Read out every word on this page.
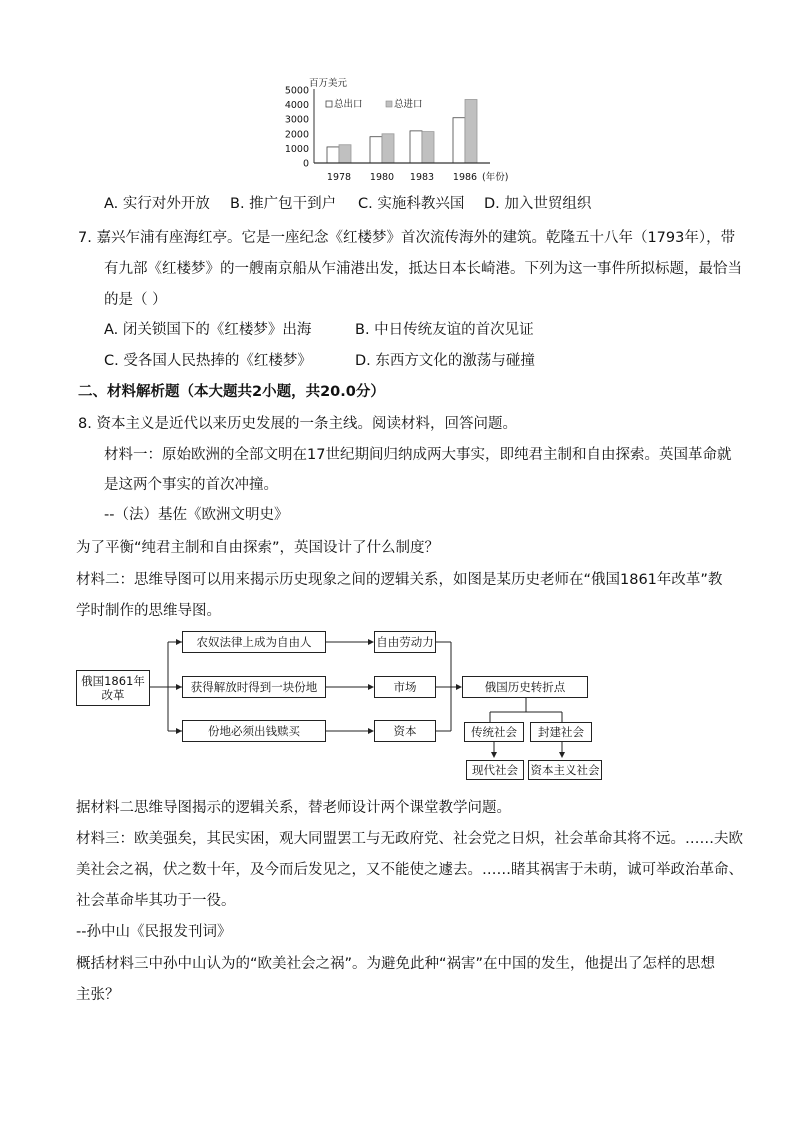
百万美元
5000
4000
3000
2000
1000
0
1978 1980 1983 1986
总出口	总进口
(年份)
A. 实行对外开放 B. 推广包干到户 C. 实施科教兴国 D. 加入世贸组织
7. 嘉兴乍浦有座海红亭。它是一座纪念《红楼梦》首次流传海外的建筑。乾隆五十八年（1793年），带
有九部《红楼梦》的一艘南京船从乍浦港出发，抵达日本长崎港。下列为这一事件所拟标题，最恰当
的是（ ）
A. 闭关锁国下的《红楼梦》出海	B. 中日传统友谊的首次见证
C. 受各国人民热捧的《红楼梦》	D. 东西方文化的激荡与碰撞
二、材料解析题（本大题共2小题，共20.0分）
8. 资本主义是近代以来历史发展的一条主线。阅读材料，回答问题。
材料一：原始欧洲的全部文明在17世纪期间归纳成两大事实，即纯君主制和自由探索。英国革命就
是这两个事实的首次冲撞。
--（法）基佐《欧洲文明史》
为了平衡“纯君主制和自由探索”，英国设计了什么制度？
材料二：思维导图可以用来揭示历史现象之间的逻辑关系，如图是某历史老师在“俄国1861年改革”教
学时制作的思维导图。
俄国1861年改革
农奴法律上成为自由人
获得解放时得到一块份地
份地必须出钱赎买
自由劳动力
市场
资本
俄国历史转折点
传统社会	封建社会
现代社会	资本主义社会
据材料二思维导图揭示的逻辑关系，替老师设计两个课堂教学问题。
材料三：欧美强矣，其民实困，观大同盟罢工与无政府党、社会党之日炽，社会革命其将不远。……夫欧
美社会之祸，伏之数十年，及今而后发见之，又不能使之遽去。……睹其祸害于未萌，诚可举政治革命、
社会革命毕其功于一役。
--孙中山《民报发刊词》
概括材料三中孙中山认为的“欧美社会之祸”。为避免此种“祸害”在中国的发生，他提出了怎样的思想
主张？
